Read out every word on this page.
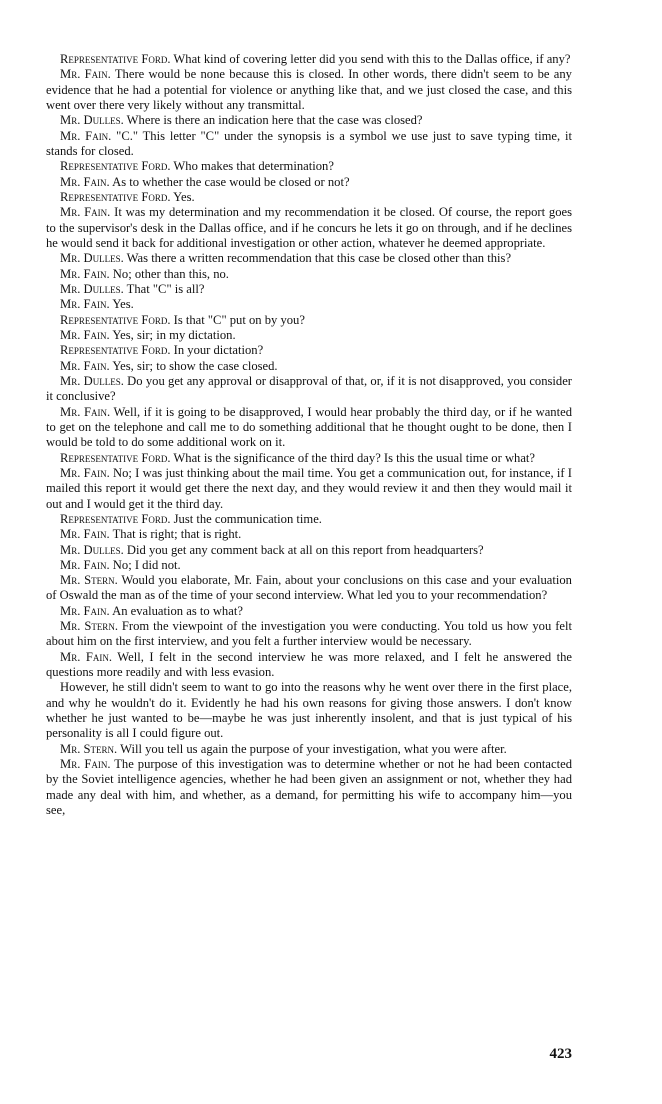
Representative Ford. What kind of covering letter did you send with this to the Dallas office, if any?

Mr. Fain. There would be none because this is closed. In other words, there didn't seem to be any evidence that he had a potential for violence or anything like that, and we just closed the case, and this went over there very likely without any transmittal.

Mr. Dulles. Where is there an indication here that the case was closed?

Mr. Fain. "C." This letter "C" under the synopsis is a symbol we use just to save typing time, it stands for closed.

Representative Ford. Who makes that determination?

Mr. Fain. As to whether the case would be closed or not?

Representative Ford. Yes.

Mr. Fain. It was my determination and my recommendation it be closed. Of course, the report goes to the supervisor's desk in the Dallas office, and if he concurs he lets it go on through, and if he declines he would send it back for additional investigation or other action, whatever he deemed appropriate.

Mr. Dulles. Was there a written recommendation that this case be closed other than this?

Mr. Fain. No; other than this, no.

Mr. Dulles. That "C" is all?

Mr. Fain. Yes.

Representative Ford. Is that "C" put on by you?

Mr. Fain. Yes, sir; in my dictation.

Representative Ford. In your dictation?

Mr. Fain. Yes, sir; to show the case closed.

Mr. Dulles. Do you get any approval or disapproval of that, or, if it is not disapproved, you consider it conclusive?

Mr. Fain. Well, if it is going to be disapproved, I would hear probably the third day, or if he wanted to get on the telephone and call me to do something additional that he thought ought to be done, then I would be told to do some additional work on it.

Representative Ford. What is the significance of the third day? Is this the usual time or what?

Mr. Fain. No; I was just thinking about the mail time. You get a communication out, for instance, if I mailed this report it would get there the next day, and they would review it and then they would mail it out and I would get it the third day.

Representative Ford. Just the communication time.

Mr. Fain. That is right; that is right.

Mr. Dulles. Did you get any comment back at all on this report from headquarters?

Mr. Fain. No; I did not.

Mr. Stern. Would you elaborate, Mr. Fain, about your conclusions on this case and your evaluation of Oswald the man as of the time of your second interview. What led you to your recommendation?

Mr. Fain. An evaluation as to what?

Mr. Stern. From the viewpoint of the investigation you were conducting. You told us how you felt about him on the first interview, and you felt a further interview would be necessary.

Mr. Fain. Well, I felt in the second interview he was more relaxed, and I felt he answered the questions more readily and with less evasion.

However, he still didn't seem to want to go into the reasons why he went over there in the first place, and why he wouldn't do it. Evidently he had his own reasons for giving those answers. I don't know whether he just wanted to be—maybe he was just inherently insolent, and that is just typical of his personality is all I could figure out.

Mr. Stern. Will you tell us again the purpose of your investigation, what you were after.

Mr. Fain. The purpose of this investigation was to determine whether or not he had been contacted by the Soviet intelligence agencies, whether he had been given an assignment or not, whether they had made any deal with him, and whether, as a demand, for permitting his wife to accompany him—you see,

423
